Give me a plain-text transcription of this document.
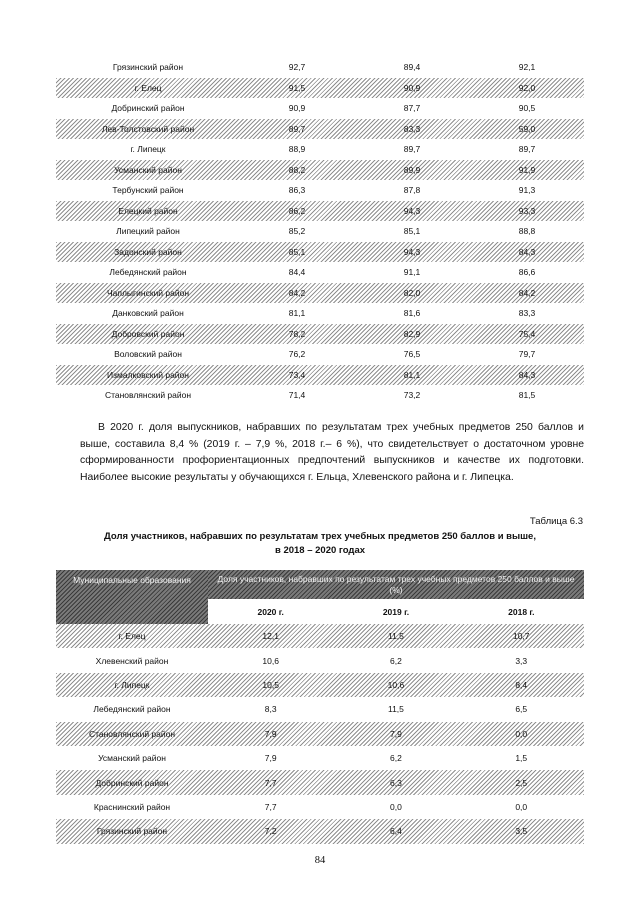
Грязинский район	92,7	89,4	92,1
г. Елец	91,5	90,9	92,0
Добринский район	90,9	87,7	90,5
Лев-Толстовский район	89,7	83,3	59,0
г. Липецк	88,9	89,7	89,7
Усманский район	88,2	89,9	91,9
Тербунский район	86,3	87,8	91,3
Елецкий район	86,2	94,3	93,3
Липецкий район	85,2	85,1	88,8
Задонский район	85,1	94,3	84,3
Лебедянский район	84,4	91,1	86,6
Чаплыгинский район	84,2	82,0	84,2
Данковский район	81,1	81,6	83,3
Добровский район	78,2	82,9	75,4
Воловский район	76,2	76,5	79,7
Измалковский район	73,4	81,1	84,3
Становлянский район	71,4	73,2	81,5

В 2020 г. доля выпускников, набравших по результатам трех учебных предметов 250 баллов и выше, составила 8,4 % (2019 г. – 7,9 %, 2018 г.– 6 %), что свидетельствует о достаточном уровне сформированности профориентационных предпочтений выпускников и качестве их подготовки. Наиболее высокие результаты у обучающихся г. Ельца, Хлевенского района и г. Липецка.

Таблица 6.3
Доля участников, набравших по результатам трех учебных предметов 250 баллов и выше,
в 2018 – 2020 годах
Муниципальные образования	Доля участников, набравших по результатам трех учебных предметов 250 баллов и выше (%)
2020 г.	2019 г.	2018 г.
г. Елец	12,1	11,5	10,7
Хлевенский район	10,6	6,2	3,3
г. Липецк	10,5	10,6	8,4
Лебедянский район	8,3	11,5	6,5
Становлянский район	7,9	7,9	0,0
Усманский район	7,9	6,2	1,5
Добринский район	7,7	6,3	2,5
Краснинский район	7,7	0,0	0,0
Грязинский район	7,2	6,4	3,5
84
